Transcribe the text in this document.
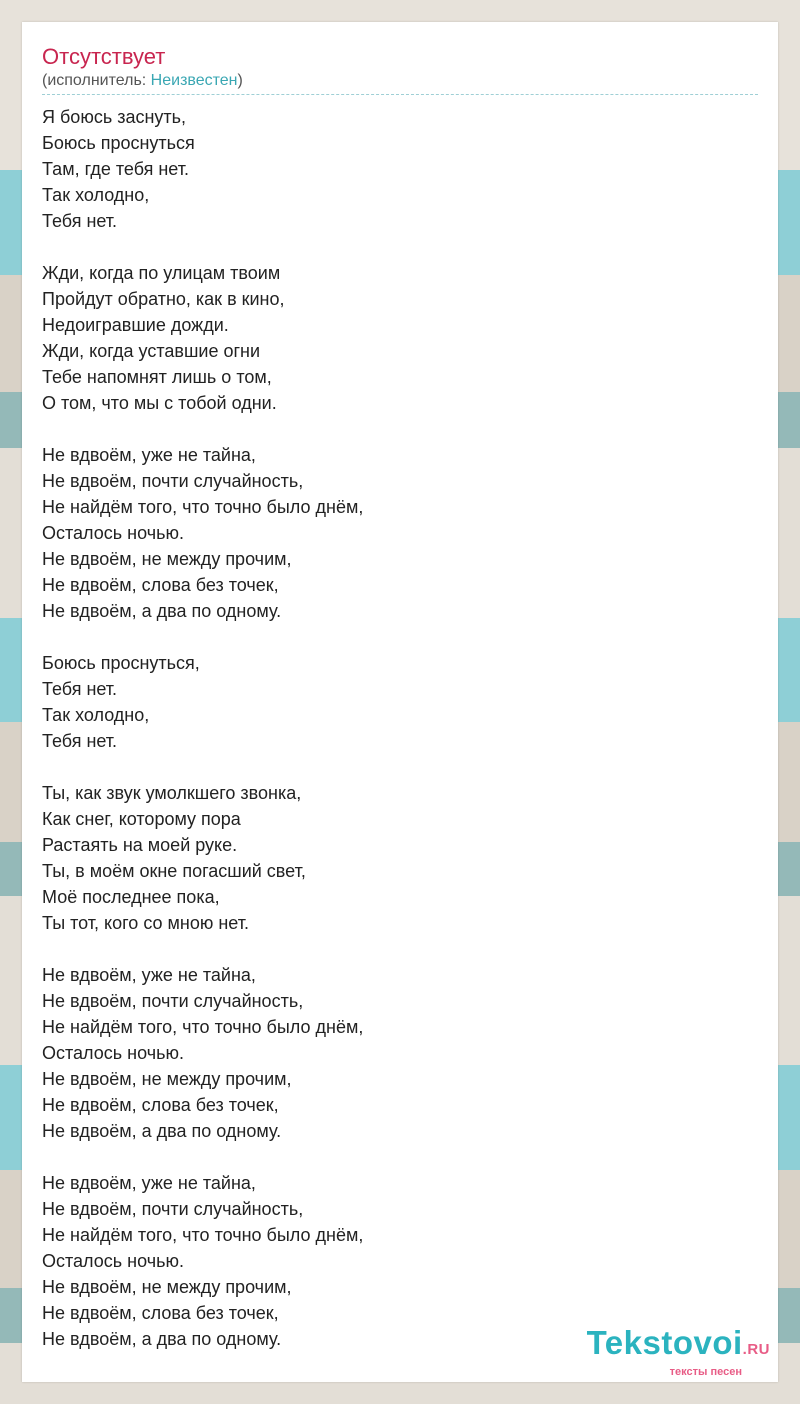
Отсутствует
(исполнитель: Неизвестен)
Я боюсь заснуть,
Боюсь проснуться
Там, где тебя нет.
Так холодно,
Тебя нет.
Жди, когда по улицам твоим
Пройдут обратно, как в кино,
Недоигравшие дожди.
Жди, когда уставшие огни
Тебе напомнят лишь о том,
О том, что мы с тобой одни.
Не вдвоём, уже не тайна,
Не вдвоём, почти случайность,
Не найдём того, что точно было днём,
Осталось ночью.
Не вдвоём, не между прочим,
Не вдвоём, слова без точек,
Не вдвоём, а два по одному.
Боюсь проснуться,
Тебя нет.
Так холодно,
Тебя нет.
Ты, как звук умолкшего звонка,
Как снег, которому пора
Растаять на моей руке.
Ты, в моём окне погасший свет,
Моё последнее пока,
Ты тот, кого со мною нет.
Не вдвоём, уже не тайна,
Не вдвоём, почти случайность,
Не найдём того, что точно было днём,
Осталось ночью.
Не вдвоём, не между прочим,
Не вдвоём, слова без точек,
Не вдвоём, а два по одному.
Не вдвоём, уже не тайна,
Не вдвоём, почти случайность,
Не найдём того, что точно было днём,
Осталось ночью.
Не вдвоём, не между прочим,
Не вдвоём, слова без точек,
Не вдвоём, а два по одному.	Tekstovoi.RU
тексты песен
